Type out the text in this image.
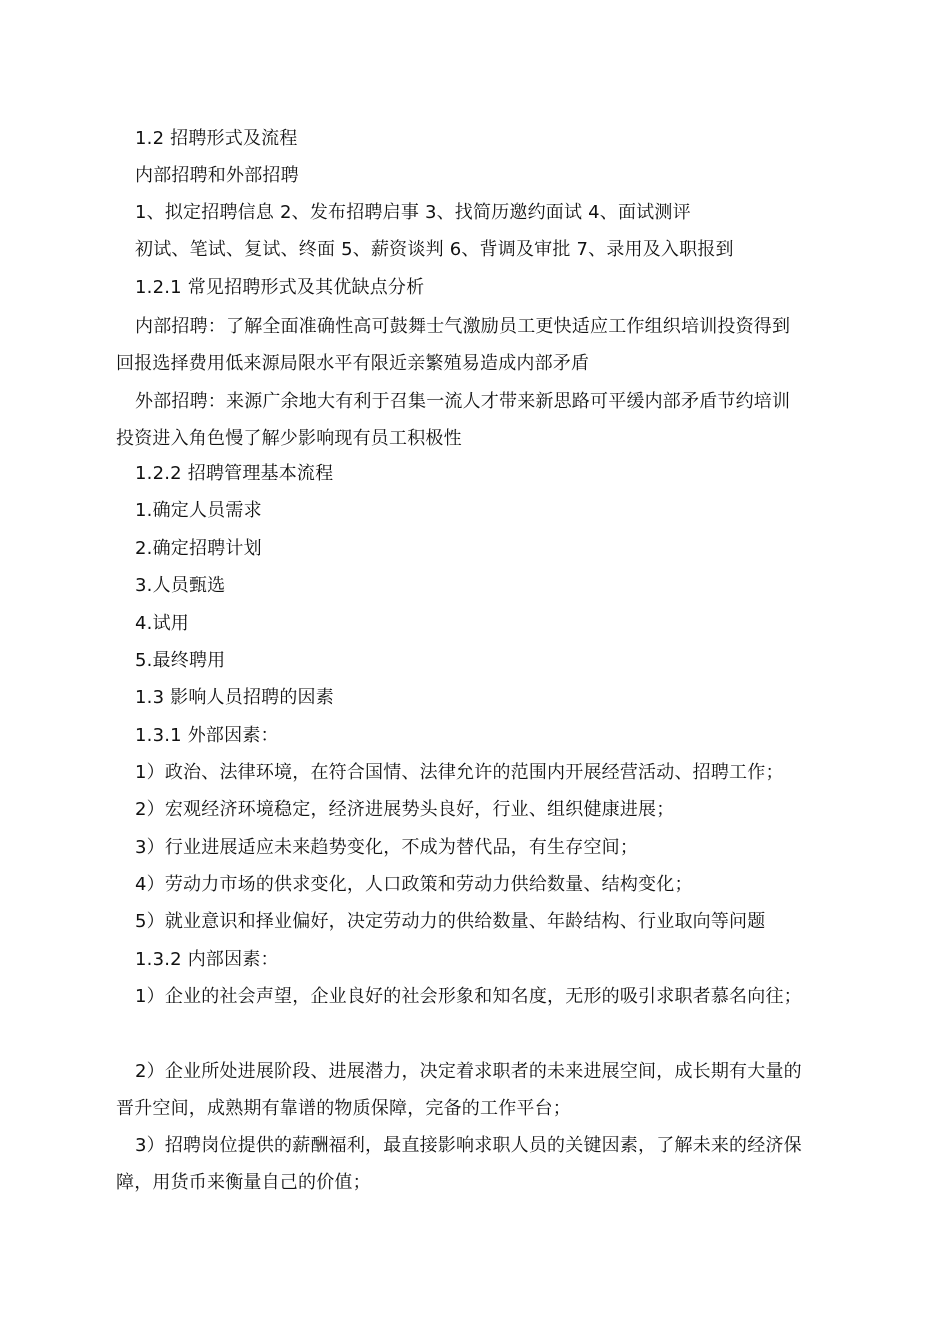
1.2 招聘形式及流程
内部招聘和外部招聘
1、拟定招聘信息 2、发布招聘启事 3、找简历邀约面试 4、面试测评
初试、笔试、复试、终面 5、薪资谈判 6、背调及审批 7、录用及入职报到
1.2.1 常见招聘形式及其优缺点分析
内部招聘：了解全面准确性高可鼓舞士气激励员工更快适应工作组织培训投资得到
回报选择费用低来源局限水平有限近亲繁殖易造成内部矛盾
外部招聘：来源广余地大有利于召集一流人才带来新思路可平缓内部矛盾节约培训
投资进入角色慢了解少影响现有员工积极性
1.2.2 招聘管理基本流程
1.确定人员需求
2.确定招聘计划
3.人员甄选
4.试用
5.最终聘用
1.3 影响人员招聘的因素
1.3.1 外部因素：
1）政治、法律环境，在符合国情、法律允许的范围内开展经营活动、招聘工作；
2）宏观经济环境稳定，经济进展势头良好，行业、组织健康进展；
3）行业进展适应未来趋势变化，不成为替代品，有生存空间；
4）劳动力市场的供求变化，人口政策和劳动力供给数量、结构变化；
5）就业意识和择业偏好，决定劳动力的供给数量、年龄结构、行业取向等问题
1.3.2 内部因素：
1）企业的社会声望，企业良好的社会形象和知名度，无形的吸引求职者慕名向往；
2）企业所处进展阶段、进展潜力，决定着求职者的未来进展空间，成长期有大量的
晋升空间，成熟期有靠谱的物质保障，完备的工作平台；
3）招聘岗位提供的薪酬福利，最直接影响求职人员的关键因素，了解未来的经济保
障，用货币来衡量自己的价值；
